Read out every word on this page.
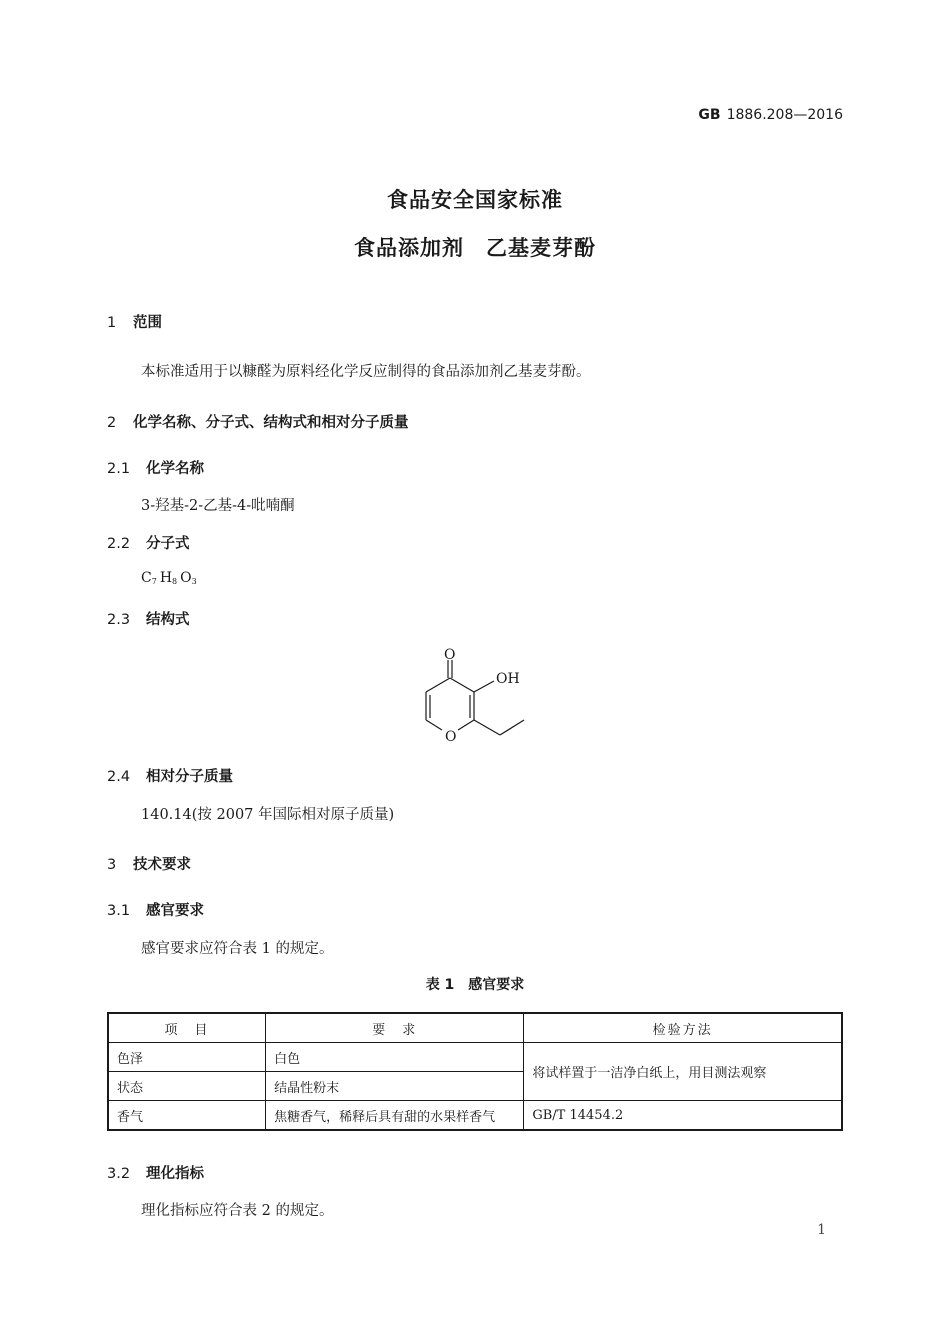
GB 1886.208—2016
食品安全国家标准
食品添加剂　乙基麦芽酚
1 范围
本标准适用于以糠醛为原料经化学反应制得的食品添加剂乙基麦芽酚。
2 化学名称、分子式、结构式和相对分子质量
2.1 化学名称
3-羟基-2-乙基-4-吡喃酮
2.2 分子式
$C_7$ $H_8$ $O_3$
2.3 结构式
O
OH
O
2.4 相对分子质量
140.14(按 2007 年国际相对原子质量)
3 技术要求
3.1 感官要求
感官要求应符合表 1 的规定。
表 1　感官要求
项　目	要　求	检验方法
色泽	白色	将试样置于一洁净白纸上，用目测法观察
状态	结晶性粉末	
香气	焦糖香气，稀释后具有甜的水果样香气	GB/T 14454.2
3.2 理化指标
理化指标应符合表 2 的规定。
1
